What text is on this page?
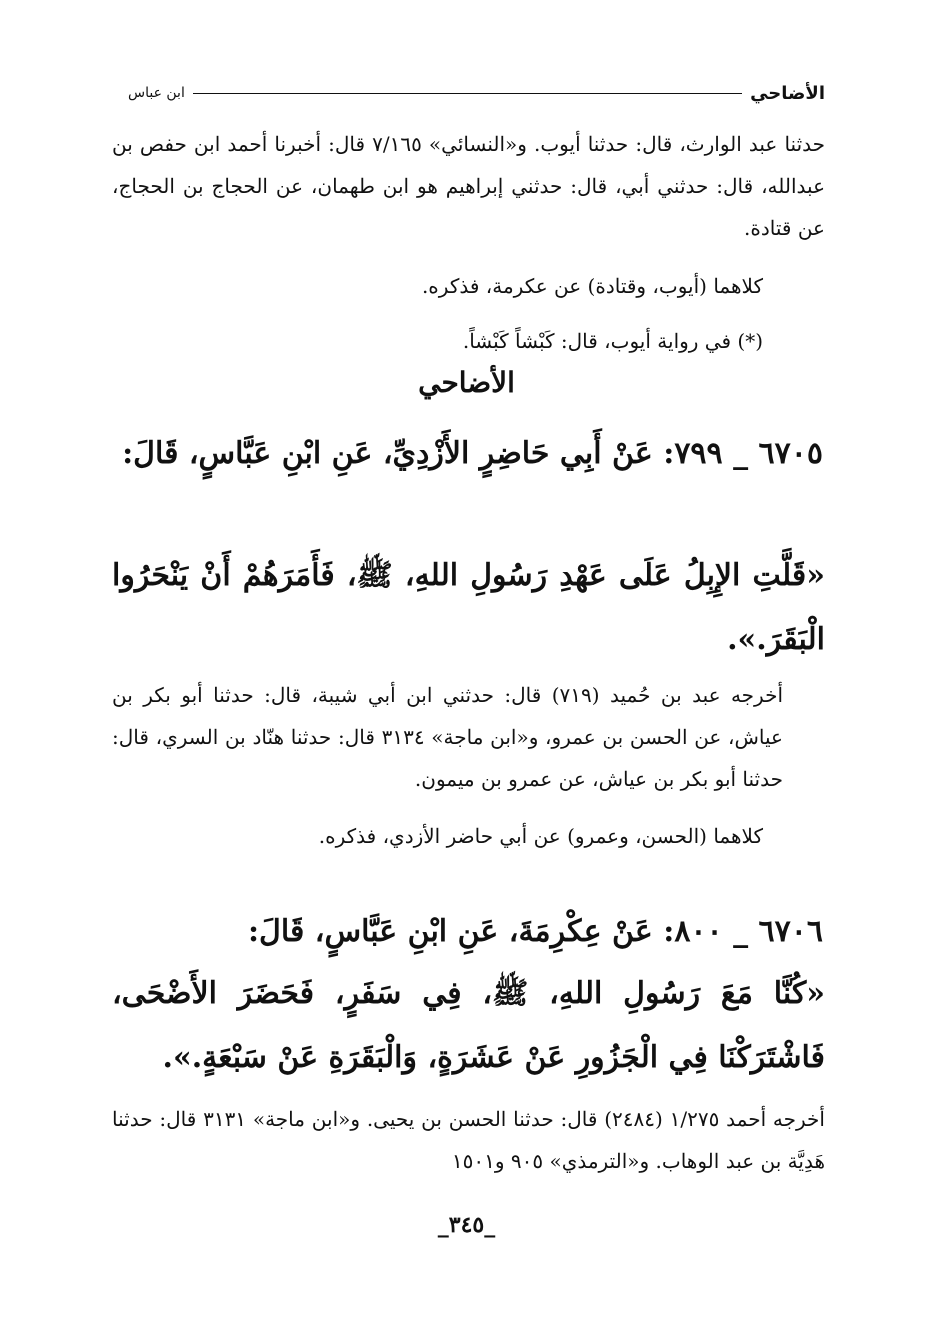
الأضاحي
ابن عباس

حدثنا عبد الوارث، قال: حدثنا أيوب. و«النسائي» ٧/١٦٥ قال: أخبرنا أحمد ابن حفص بن عبدالله، قال: حدثني أبي، قال: حدثني إبراهيم هو ابن طهمان، عن الحجاج بن الحجاج، عن قتادة.

كلاهما (أيوب، وقتادة) عن عكرمة، فذكره.

(*) في رواية أيوب، قال: كَبْشاً كَبْشاً.

الأضاحي

٦٧٠٥ _ ٧٩٩: عَنْ أَبِي حَاضِرٍ الأَزْدِيِّ، عَنِ ابْنِ عَبَّاسٍ، قَالَ:

«قَلَّتِ الإِبِلُ عَلَى عَهْدِ رَسُولِ اللهِ، ﷺ، فَأَمَرَهُمْ أَنْ يَنْحَرُوا الْبَقَرَ.».

أخرجه عبد بن حُميد (٧١٩) قال: حدثني ابن أبي شيبة، قال: حدثنا أبو بكر بن عياش، عن الحسن بن عمرو، و«ابن ماجة» ٣١٣٤ قال: حدثنا هنّاد بن السري، قال: حدثنا أبو بكر بن عياش، عن عمرو بن ميمون.

كلاهما (الحسن، وعمرو) عن أبي حاضر الأزدي، فذكره.

٦٧٠٦ _ ٨٠٠: عَنْ عِكْرِمَةَ، عَنِ ابْنِ عَبَّاسٍ، قَالَ:

«كُنَّا مَعَ رَسُولِ اللهِ، ﷺ، فِي سَفَرٍ، فَحَضَرَ الأَضْحَى، فَاشْتَرَكْنَا فِي الْجَزُورِ عَنْ عَشَرَةٍ، وَالْبَقَرَةِ عَنْ سَبْعَةٍ.».

أخرجه أحمد ١/٢٧٥ (٢٤٨٤) قال: حدثنا الحسن بن يحيى. و«ابن ماجة» ٣١٣١ قال: حدثنا هَدِيَّة بن عبد الوهاب. و«الترمذي» ٩٠٥ و١٥٠١

_٣٤٥_
